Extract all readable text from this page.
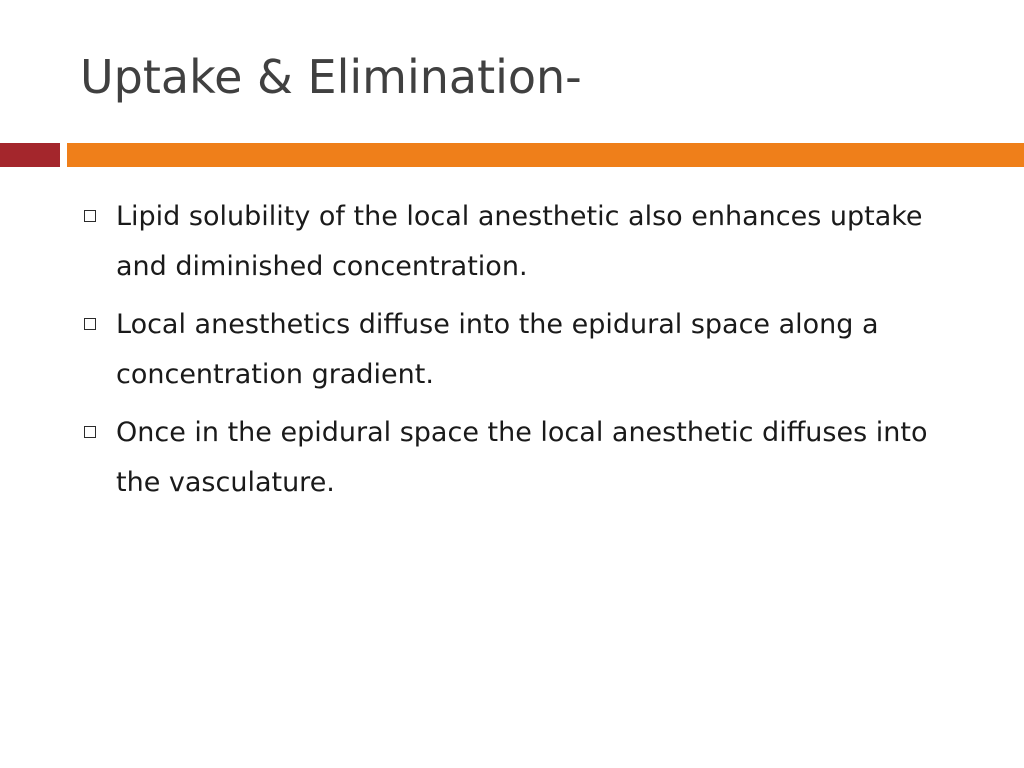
Uptake & Elimination-
Lipid solubility of the local anesthetic also enhances uptake and diminished concentration.
Local anesthetics diffuse into the epidural space along a concentration gradient.
Once in the epidural space the local anesthetic diffuses into the vasculature.
